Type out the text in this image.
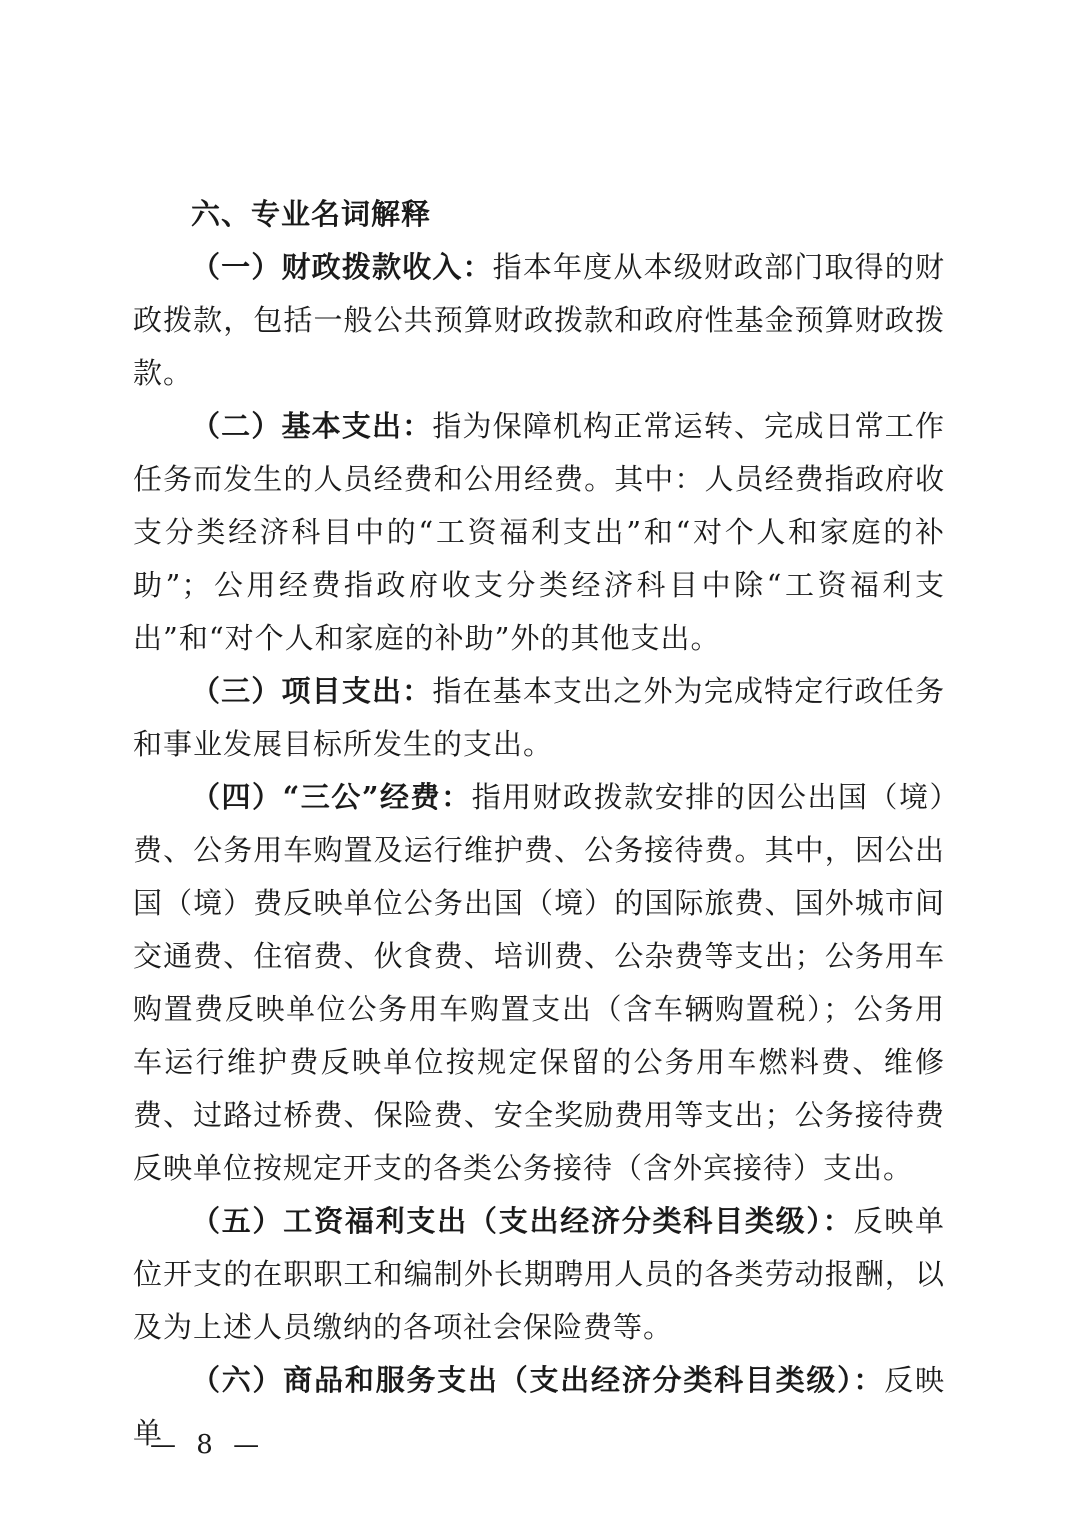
六、专业名词解释

（一）财政拨款收入：指本年度从本级财政部门取得的财政拨款，包括一般公共预算财政拨款和政府性基金预算财政拨款。

（二）基本支出：指为保障机构正常运转、完成日常工作任务而发生的人员经费和公用经费。其中：人员经费指政府收支分类经济科目中的“工资福利支出”和“对个人和家庭的补助”；公用经费指政府收支分类经济科目中除“工资福利支出”和“对个人和家庭的补助”外的其他支出。

（三）项目支出：指在基本支出之外为完成特定行政任务和事业发展目标所发生的支出。

（四）“三公”经费：指用财政拨款安排的因公出国（境）费、公务用车购置及运行维护费、公务接待费。其中，因公出国（境）费反映单位公务出国（境）的国际旅费、国外城市间交通费、住宿费、伙食费、培训费、公杂费等支出；公务用车购置费反映单位公务用车购置支出（含车辆购置税）；公务用车运行维护费反映单位按规定保留的公务用车燃料费、维修费、过路过桥费、保险费、安全奖励费用等支出；公务接待费反映单位按规定开支的各类公务接待（含外宾接待）支出。

（五）工资福利支出（支出经济分类科目类级）：反映单位开支的在职职工和编制外长期聘用人员的各类劳动报酬，以及为上述人员缴纳的各项社会保险费等。

（六）商品和服务支出（支出经济分类科目类级）：反映单

— 8 —
